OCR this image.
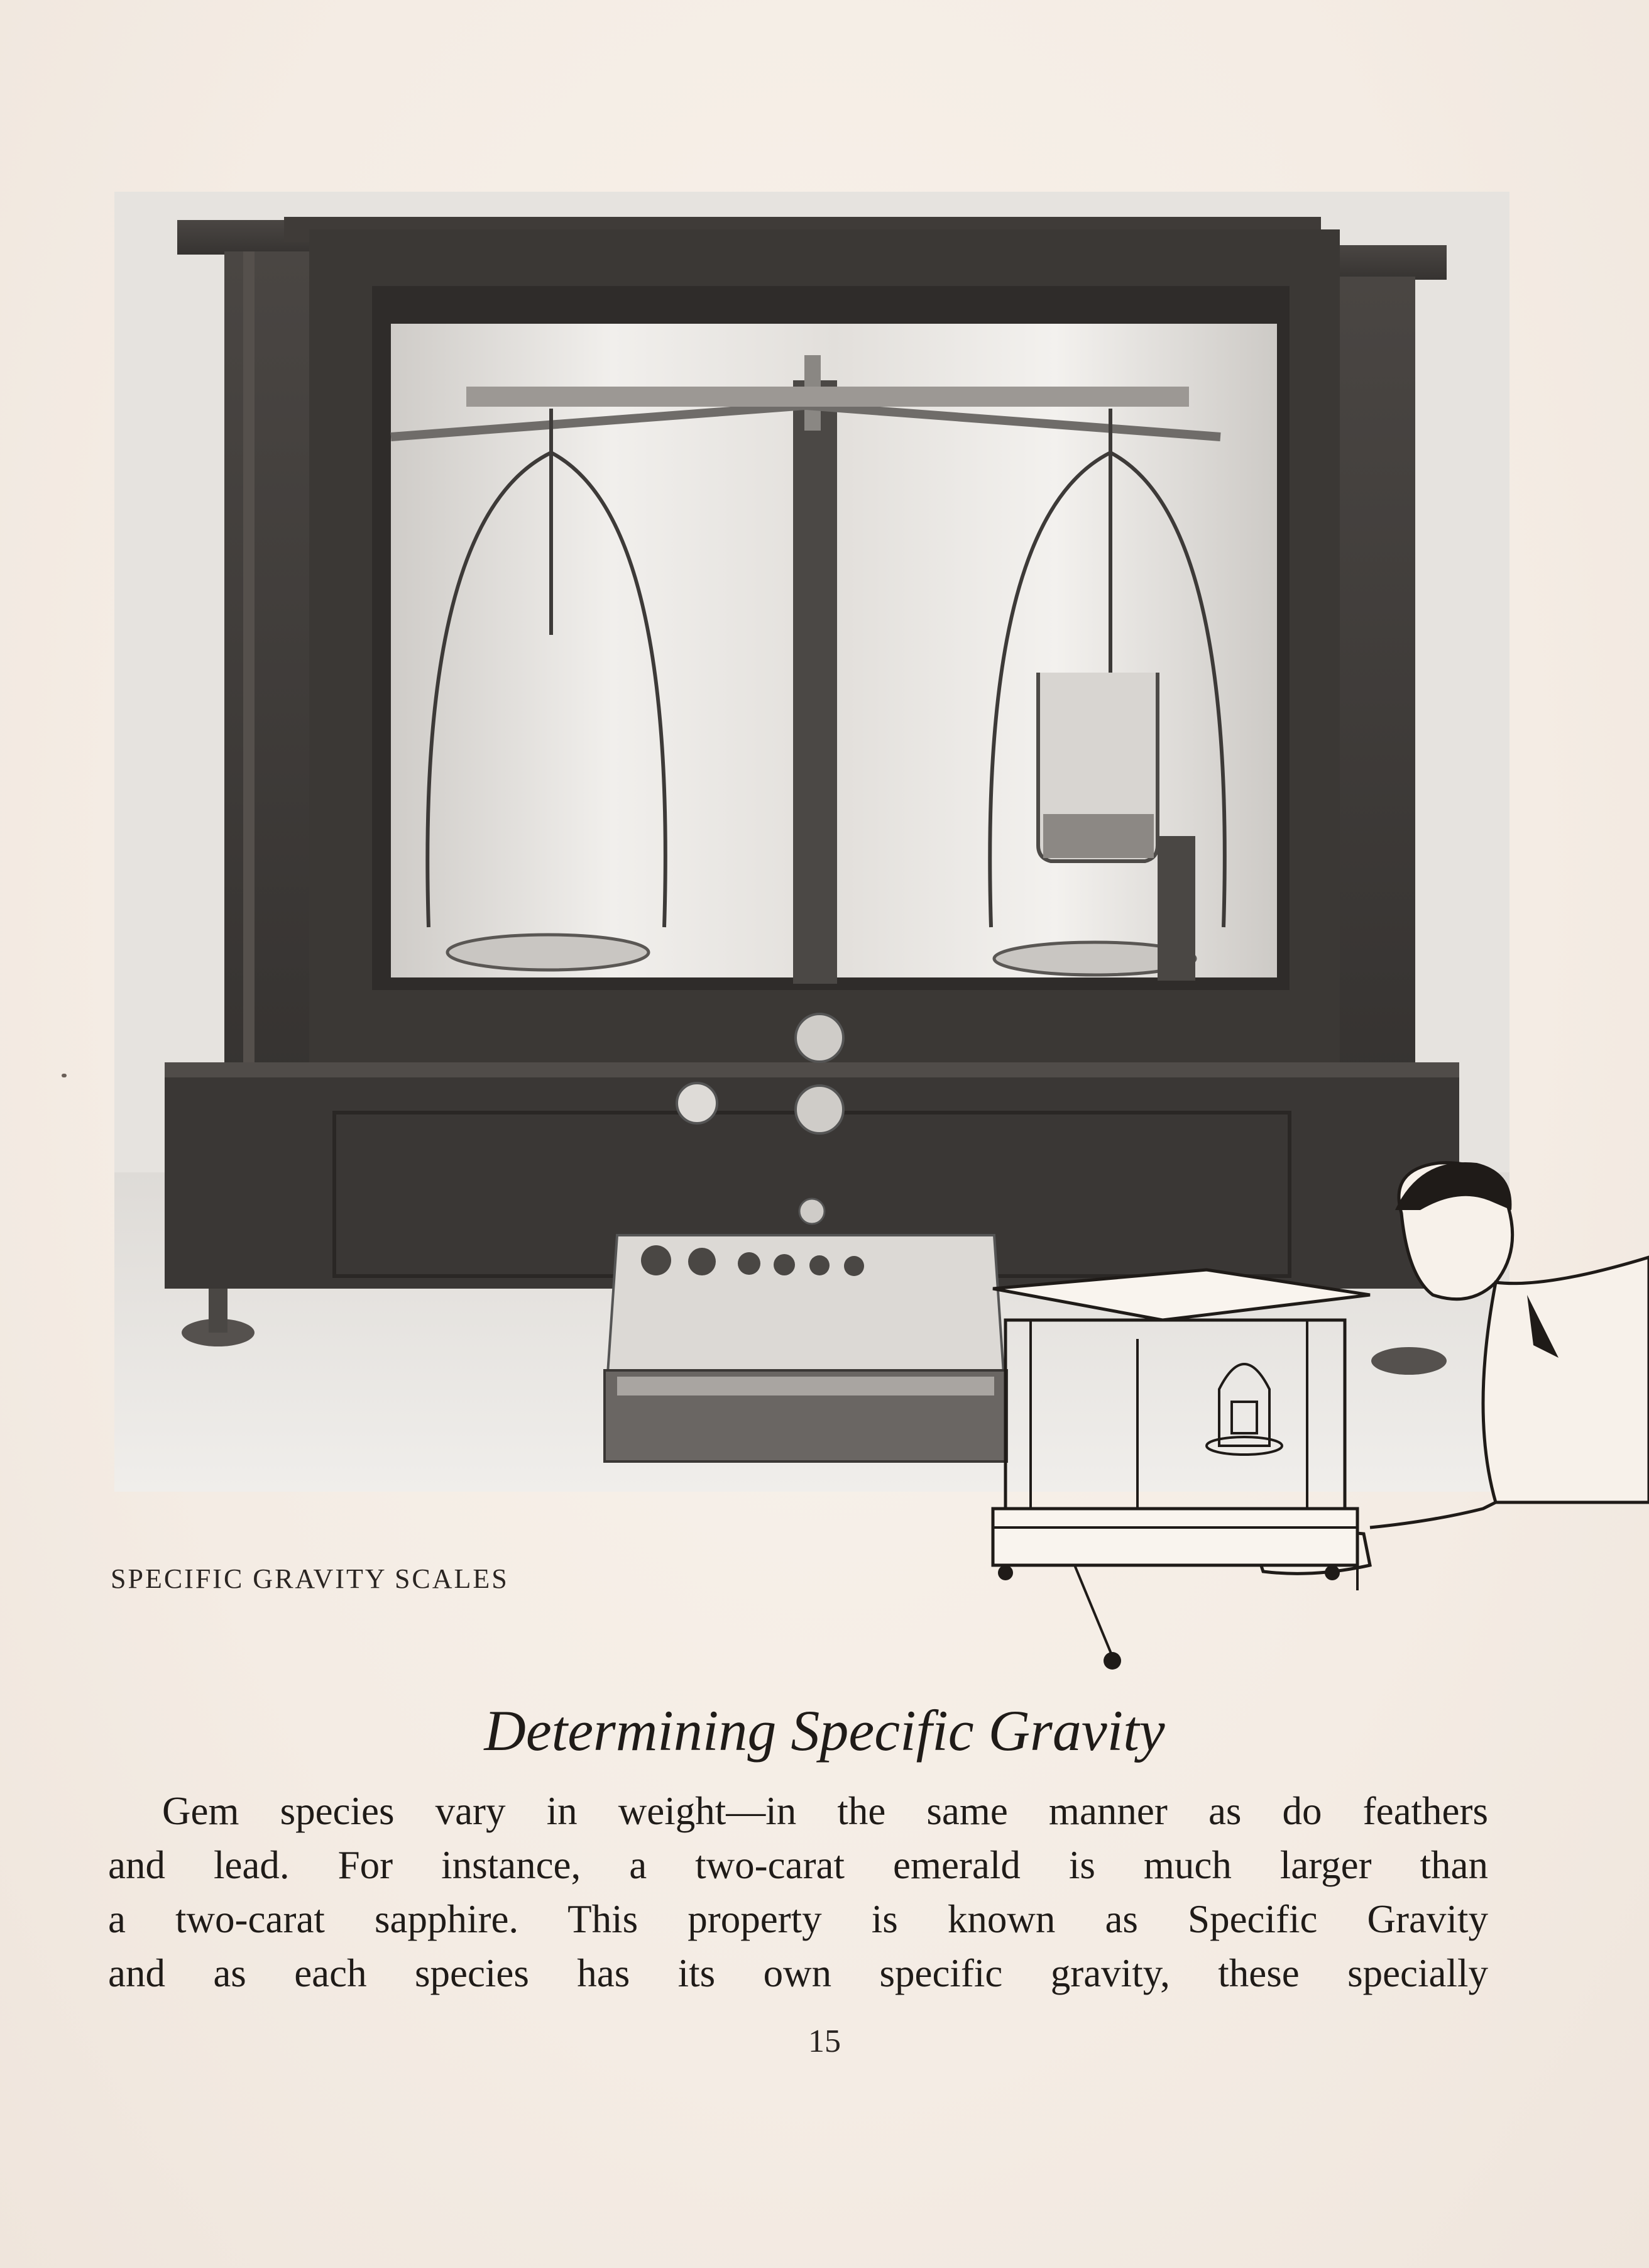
SPECIFIC GRAVITY SCALES
Determining Specific Gravity
Gem species vary in weight—in the same manner as do feathers
and lead. For instance, a two-carat emerald is much larger than
a two-carat sapphire. This property is known as Specific Gravity
and as each species has its own specific gravity, these specially
15
